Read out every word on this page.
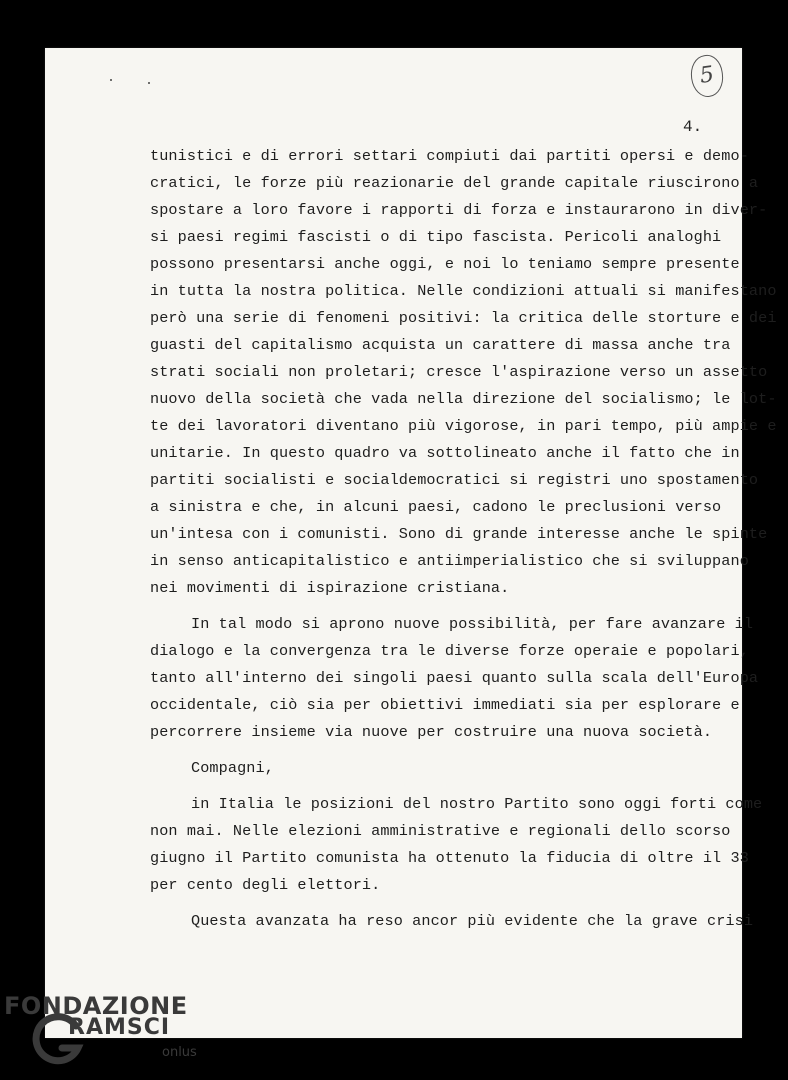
5
4.
tunistici e di errori settari compiuti dai partiti opersi e demo-
cratici, le forze più reazionarie del grande capitale riuscirono a
spostare a loro favore i rapporti di forza e instaurarono in diver-
si paesi regimi fascisti o di tipo fascista. Pericoli analoghi
possono presentarsi anche oggi, e noi lo teniamo sempre presente
in tutta la nostra politica. Nelle condizioni attuali si manifestano
però una serie di fenomeni positivi: la critica delle storture e dei
guasti del capitalismo acquista un carattere di massa anche tra
strati sociali non proletari; cresce l'aspirazione verso un assetto
nuovo della società che vada nella direzione del socialismo; le lot-
te dei lavoratori diventano più vigorose, in pari tempo, più ampie e
unitarie. In questo quadro va sottolineato anche il fatto che in
partiti socialisti e socialdemocratici si registri uno spostamento
a sinistra e che, in alcuni paesi, cadono le preclusioni verso
un'intesa con i comunisti. Sono di grande interesse anche le spinte
in senso anticapitalistico e antiimperialistico che si sviluppano
nei movimenti di ispirazione cristiana.
In tal modo si aprono nuove possibilità, per fare avanzare il
dialogo e la convergenza tra le diverse forze operaie e popolari,
tanto all'interno dei singoli paesi quanto sulla scala dell'Europa
occidentale, ciò sia per obiettivi immediati sia per esplorare e
percorrere insieme via nuove per costruire una nuova società.
Compagni,
in Italia le posizioni del nostro Partito sono oggi forti come
non mai. Nelle elezioni amministrative e regionali dello scorso
giugno il Partito comunista ha ottenuto la fiducia di oltre il 33
per cento degli elettori.
Questa avanzata ha reso ancor più evidente che la grave crisi
FONDAZIONE
RAMSCI
onlus
